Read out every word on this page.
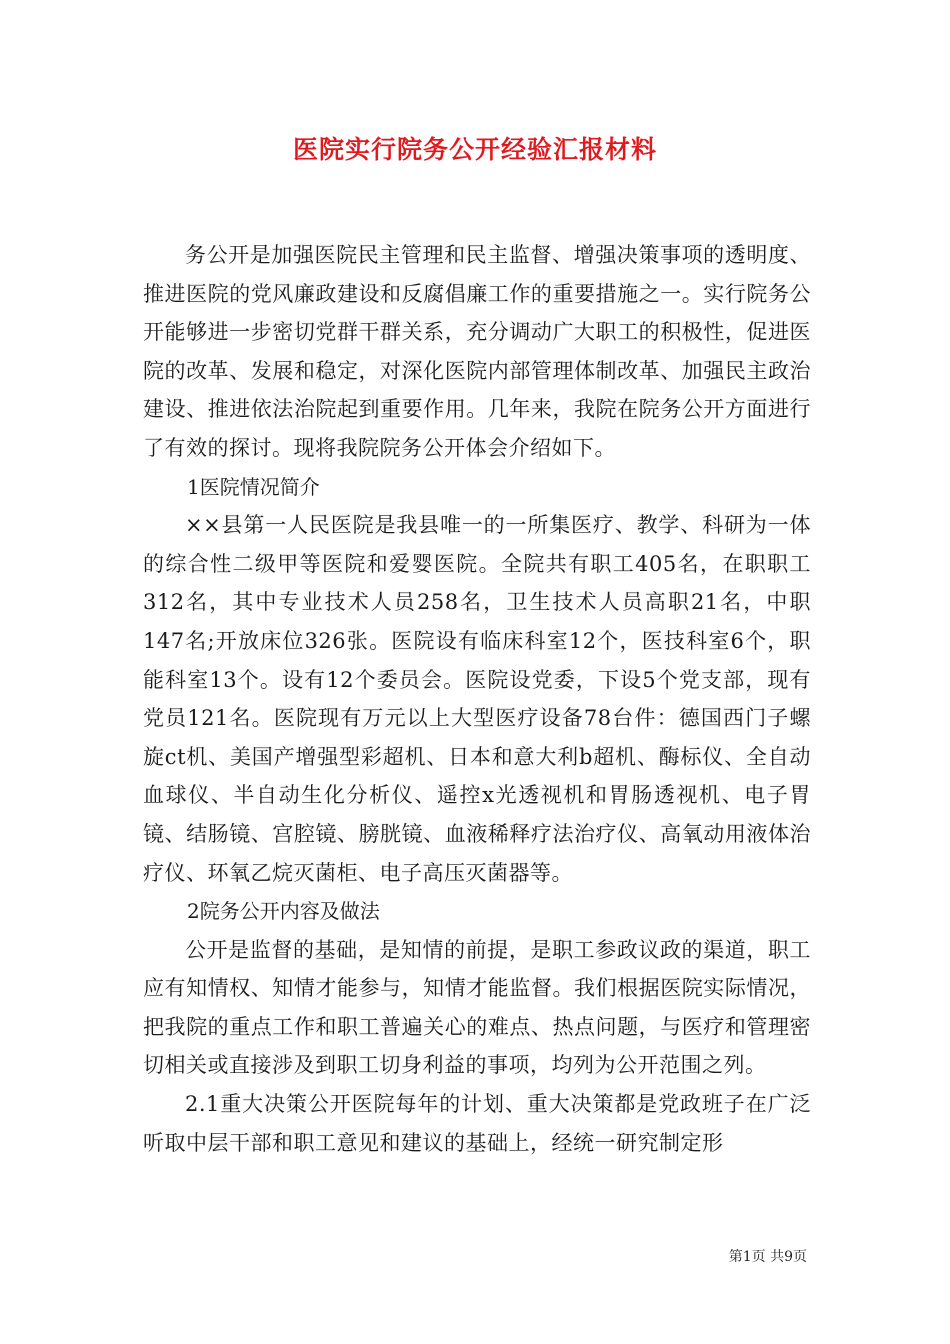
医院实行院务公开经验汇报材料

务公开是加强医院民主管理和民主监督、增强决策事项的透明度、推进医院的党风廉政建设和反腐倡廉工作的重要措施之一。实行院务公开能够进一步密切党群干群关系，充分调动广大职工的积极性，促进医院的改革、发展和稳定，对深化医院内部管理体制改革、加强民主政治建设、推进依法治院起到重要作用。几年来，我院在院务公开方面进行了有效的探讨。现将我院院务公开体会介绍如下。

1医院情况简介

××县第一人民医院是我县唯一的一所集医疗、教学、科研为一体的综合性二级甲等医院和爱婴医院。全院共有职工405名，在职职工312名，其中专业技术人员258名，卫生技术人员高职21名，中职147名;开放床位326张。医院设有临床科室12个，医技科室6个，职能科室13个。设有12个委员会。医院设党委，下设5个党支部，现有党员121名。医院现有万元以上大型医疗设备78台件：德国西门子螺旋ct机、美国产增强型彩超机、日本和意大利b超机、酶标仪、全自动血球仪、半自动生化分析仪、遥控x光透视机和胃肠透视机、电子胃镜、结肠镜、宫腔镜、膀胱镜、血液稀释疗法治疗仪、高氧动用液体治疗仪、环氧乙烷灭菌柜、电子高压灭菌器等。

2院务公开内容及做法

公开是监督的基础，是知情的前提，是职工参政议政的渠道，职工应有知情权、知情才能参与，知情才能监督。我们根据医院实际情况，把我院的重点工作和职工普遍关心的难点、热点问题，与医疗和管理密切相关或直接涉及到职工切身利益的事项，均列为公开范围之列。

2.1重大决策公开医院每年的计划、重大决策都是党政班子在广泛听取中层干部和职工意见和建议的基础上，经统一研究制定形

第1页 共9页
